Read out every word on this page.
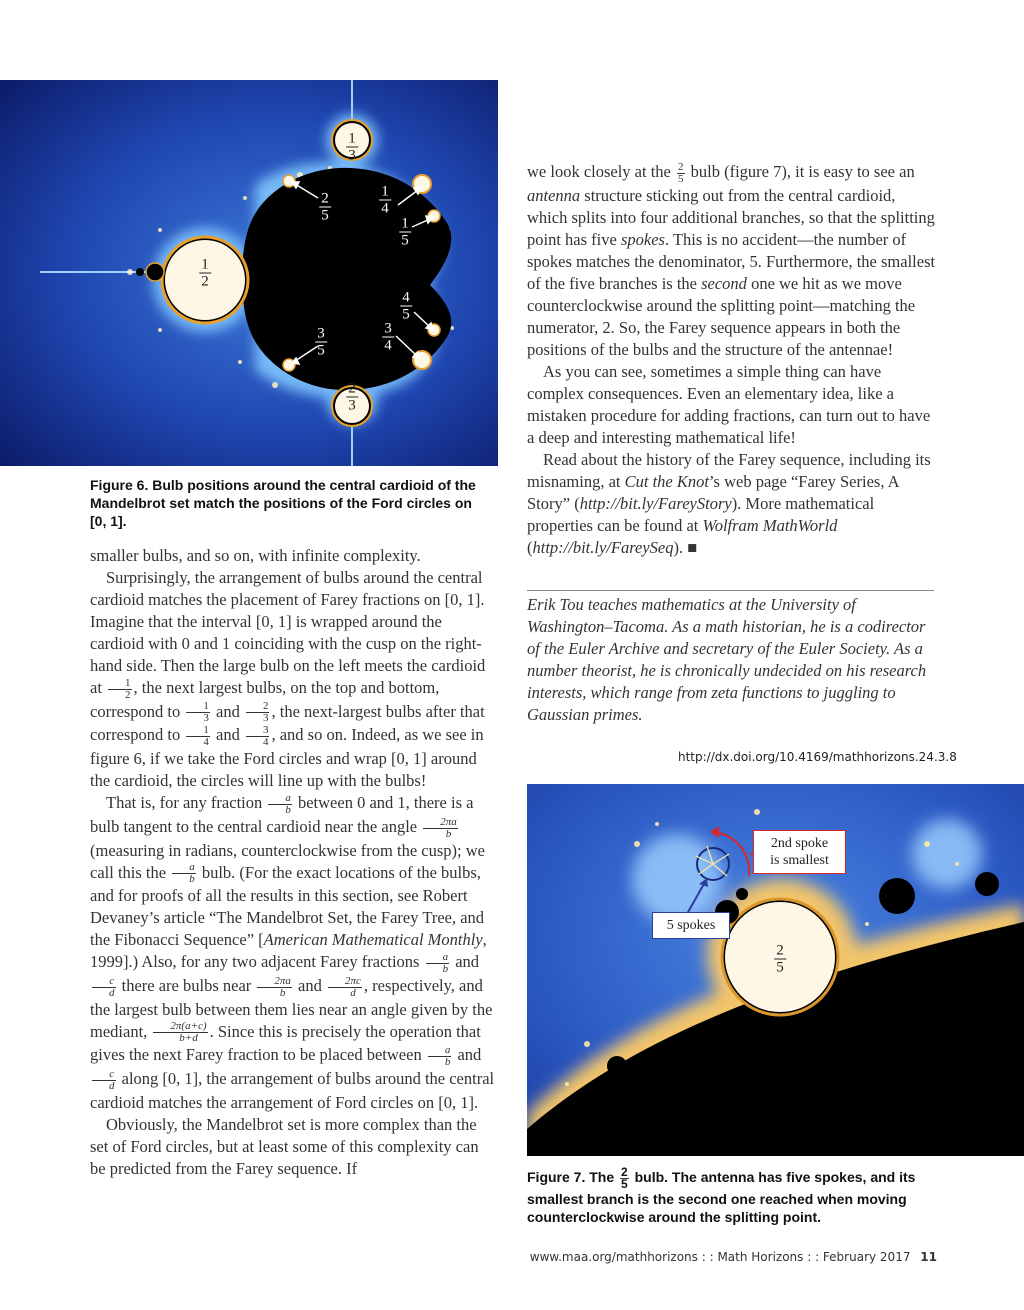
1
3
2
5
1
4
1
5
1
2
4
5
3
5
3
4
2
3
Figure 6. Bulb positions around the central cardioid of the Mandelbrot set match the positions of the Ford circles on [0, 1].

smaller bulbs, and so on, with infinite complexity.

Surprisingly, the arrangement of bulbs around the central cardioid matches the placement of Farey fractions on [0, 1]. Imagine that the interval [0, 1] is wrapped around the cardioid with 0 and 1 coinciding with the cusp on the right-hand side. Then the large bulb on the left meets the cardioid at $\frac{1}{2}$ , the next largest bulbs, on the top and bottom, correspond to $\frac{1}{3}$ and $\frac{2}{3}$ , the next-largest bulbs after that correspond to $\frac{1}{4}$ and $\frac{3}{4}$ , and so on. Indeed, as we see in figure 6, if we take the Ford circles and wrap [0, 1] around the cardioid, the circles will line up with the bulbs!

That is, for any fraction $\frac{a}{b}$ between 0 and 1, there is a bulb tangent to the central cardioid near the angle $\frac{2\pi a}{b}$
(measuring in radians, counterclockwise from the cusp); we call this the $\frac{a}{b}$ bulb. (For the exact locations of the bulbs, and for proofs of all the results in this section, see Robert Devaney’s article “The Mandelbrot Set, the Farey Tree, and the Fibonacci Sequence” [American Mathematical Monthly, 1999].) Also, for any two adjacent Farey fractions $\frac{a}{b}$ and
$\frac{c}{d}$ there are bulbs near $\frac{2\pi a}{b}$ and $\frac{2\pi c}{d}$ , respectively, and the largest bulb between them lies near an angle given by the mediant, $\frac{2\pi(a+c)}{b+d}$ . Since this is precisely the operation that gives the next Farey fraction to be placed between $\frac{a}{b}$ and
$\frac{c}{d}$ along [0, 1], the arrangement of bulbs around the central cardioid matches the arrangement of Ford circles on [0, 1].

Obviously, the Mandelbrot set is more complex than the set of Ford circles, but at least some of this complexity can be predicted from the Farey sequence. If

we look closely at the $\frac{2}{5}$ bulb (figure 7), it is easy to see an antenna structure sticking out from the central cardioid, which splits into four additional branches, so that the splitting point has five spokes. This is no accident—the number of spokes matches the denominator, 5. Furthermore, the smallest of the five branches is the second one we hit as we move counterclockwise around the splitting point—matching the numerator, 2. So, the Farey sequence appears in both the positions of the bulbs and the structure of the antennae!

As you can see, sometimes a simple thing can have complex consequences. Even an elementary idea, like a mistaken procedure for adding fractions, can turn out to have a deep and interesting mathematical life!

Read about the history of the Farey sequence, including its misnaming, at Cut the Knot’s web page “Farey Series, A Story” (http://bit.ly/FareyStory). More mathematical properties can be found at Wolfram MathWorld (http://bit.ly/FareySeq). ■

Erik Tou teaches mathematics at the University of Washington–Tacoma. As a math historian, he is a codirector of the Euler Archive and secretary of the Euler Society. As a number theorist, he is chronically undecided on his research interests, which range from zeta functions to juggling to Gaussian primes.
http://dx.doi.org/10.4169/mathhorizons.24.3.8
2nd spoke
is smallest
5 spokes
2
5
Figure 7. The $\frac{2}{5}$ bulb. The antenna has five spokes, and its smallest branch is the second one reached when moving counterclockwise around the splitting point.
www.maa.org/mathhorizons : : Math Horizons : : February 2017 11
